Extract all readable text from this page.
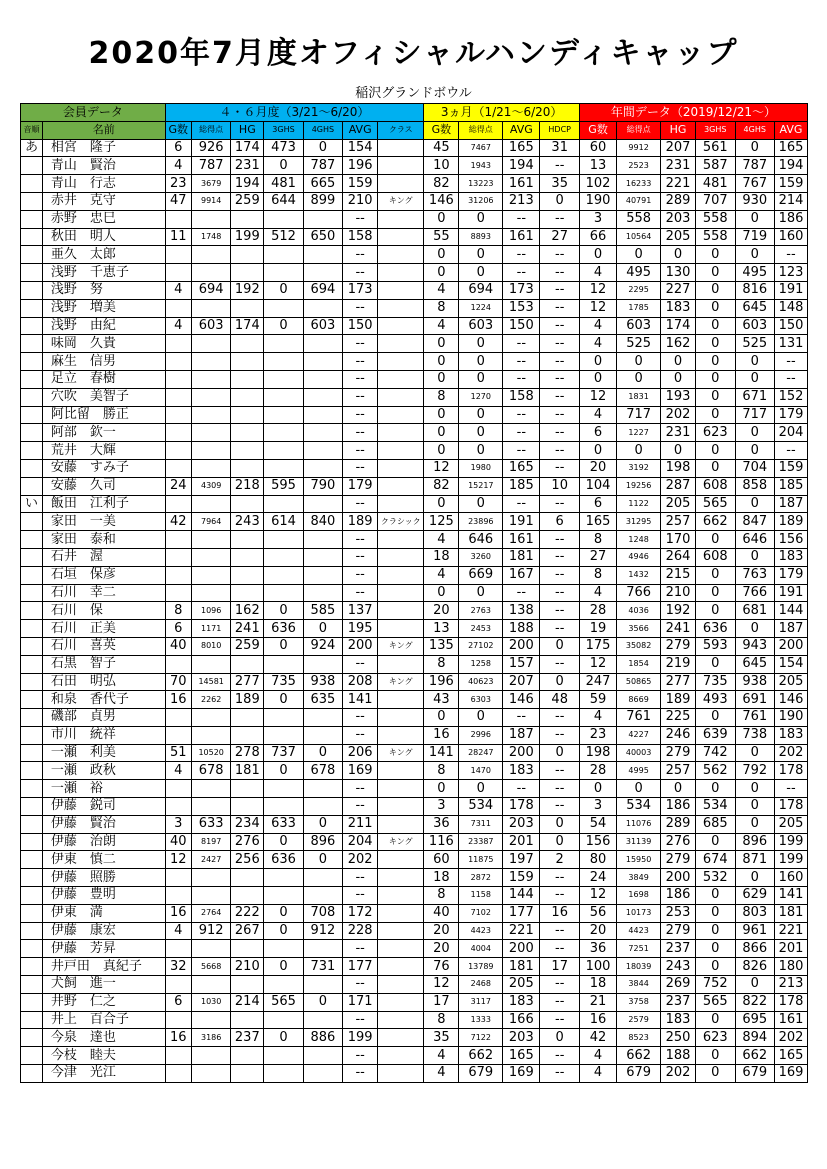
2020年7月度オフィシャルハンディキャップ
稲沢グランドボウル
会員データ		４・６月度（3/21～6/20）							3ヵ月（1/21～6/20）				年間データ（2019/12/21～）					
音順	名前	G数	総得点	HG	3GHS	4GHS	AVG	クラス	G数	総得点	AVG	HDCP	G数	総得点	HG	3GHS	4GHS	AVG
あ	相宮　隆子	6	926	174	473	0	154		45	7467	165	31	60	9912	207	561	0	165
	青山　賢治	4	787	231	0	787	196		10	1943	194	--	13	2523	231	587	787	194
	青山　行志	23	3679	194	481	665	159		82	13223	161	35	102	16233	221	481	767	159
	赤井　克守	47	9914	259	644	899	210	キング	146	31206	213	0	190	40791	289	707	930	214
	赤野　忠巳						--		0	0	--	--	3	558	203	558	0	186
	秋田　明人	11	1748	199	512	650	158		55	8893	161	27	66	10564	205	558	719	160
	亜久　太郎						--		0	0	--	--	0	0	0	0	0	--
	浅野　千恵子						--		0	0	--	--	4	495	130	0	495	123
	浅野　努	4	694	192	0	694	173		4	694	173	--	12	2295	227	0	816	191
	浅野　増美						--		8	1224	153	--	12	1785	183	0	645	148
	浅野　由紀	4	603	174	0	603	150		4	603	150	--	4	603	174	0	603	150
	味岡　久貴						--		0	0	--	--	4	525	162	0	525	131
	麻生　信男						--		0	0	--	--	0	0	0	0	0	--
	足立　春樹						--		0	0	--	--	0	0	0	0	0	--
	穴吹　美智子						--		8	1270	158	--	12	1831	193	0	671	152
	阿比留　勝正						--		0	0	--	--	4	717	202	0	717	179
	阿部　欽一						--		0	0	--	--	6	1227	231	623	0	204
	荒井　大輝						--		0	0	--	--	0	0	0	0	0	--
	安藤　すみ子						--		12	1980	165	--	20	3192	198	0	704	159
	安藤　久司	24	4309	218	595	790	179		82	15217	185	10	104	19256	287	608	858	185
い	飯田　江利子						--		0	0	--	--	6	1122	205	565	0	187
	家田　一美	42	7964	243	614	840	189	クラシック	125	23896	191	6	165	31295	257	662	847	189
	家田　泰和						--		4	646	161	--	8	1248	170	0	646	156
	石井　渥						--		18	3260	181	--	27	4946	264	608	0	183
	石垣　保彦						--		4	669	167	--	8	1432	215	0	763	179
	石川　幸二						--		0	0	--	--	4	766	210	0	766	191
	石川　保	8	1096	162	0	585	137		20	2763	138	--	28	4036	192	0	681	144
	石川　正美	6	1171	241	636	0	195		13	2453	188	--	19	3566	241	636	0	187
	石川　喜英	40	8010	259	0	924	200	キング	135	27102	200	0	175	35082	279	593	943	200
	石黒　智子						--		8	1258	157	--	12	1854	219	0	645	154
	石田　明弘	70	14581	277	735	938	208	キング	196	40623	207	0	247	50865	277	735	938	205
	和泉　香代子	16	2262	189	0	635	141		43	6303	146	48	59	8669	189	493	691	146
	磯部　貞男						--		0	0	--	--	4	761	225	0	761	190
	市川　統祥						--		16	2996	187	--	23	4227	246	639	738	183
	一瀬　利美	51	10520	278	737	0	206	キング	141	28247	200	0	198	40003	279	742	0	202
	一瀬　政秋	4	678	181	0	678	169		8	1470	183	--	28	4995	257	562	792	178
	一瀬　裕						--		0	0	--	--	0	0	0	0	0	--
	伊藤　鋭司						--		3	534	178	--	3	534	186	534	0	178
	伊藤　賢治	3	633	234	633	0	211		36	7311	203	0	54	11076	289	685	0	205
	伊藤　治朗	40	8197	276	0	896	204	キング	116	23387	201	0	156	31139	276	0	896	199
	伊東　慎二	12	2427	256	636	0	202		60	11875	197	2	80	15950	279	674	871	199
	伊藤　照勝						--		18	2872	159	--	24	3849	200	532	0	160
	伊藤　豊明						--		8	1158	144	--	12	1698	186	0	629	141
	伊東　満	16	2764	222	0	708	172		40	7102	177	16	56	10173	253	0	803	181
	伊藤　康宏	4	912	267	0	912	228		20	4423	221	--	20	4423	279	0	961	221
	伊藤　芳昇						--		20	4004	200	--	36	7251	237	0	866	201
	井戸田　真紀子	32	5668	210	0	731	177		76	13789	181	17	100	18039	243	0	826	180
	犬飼　進一						--		12	2468	205	--	18	3844	269	752	0	213
	井野　仁之	6	1030	214	565	0	171		17	3117	183	--	21	3758	237	565	822	178
	井上　百合子						--		8	1333	166	--	16	2579	183	0	695	161
	今泉　達也	16	3186	237	0	886	199		35	7122	203	0	42	8523	250	623	894	202
	今枝　睦夫						--		4	662	165	--	4	662	188	0	662	165
	今津　光江						--		4	679	169	--	4	679	202	0	679	169
